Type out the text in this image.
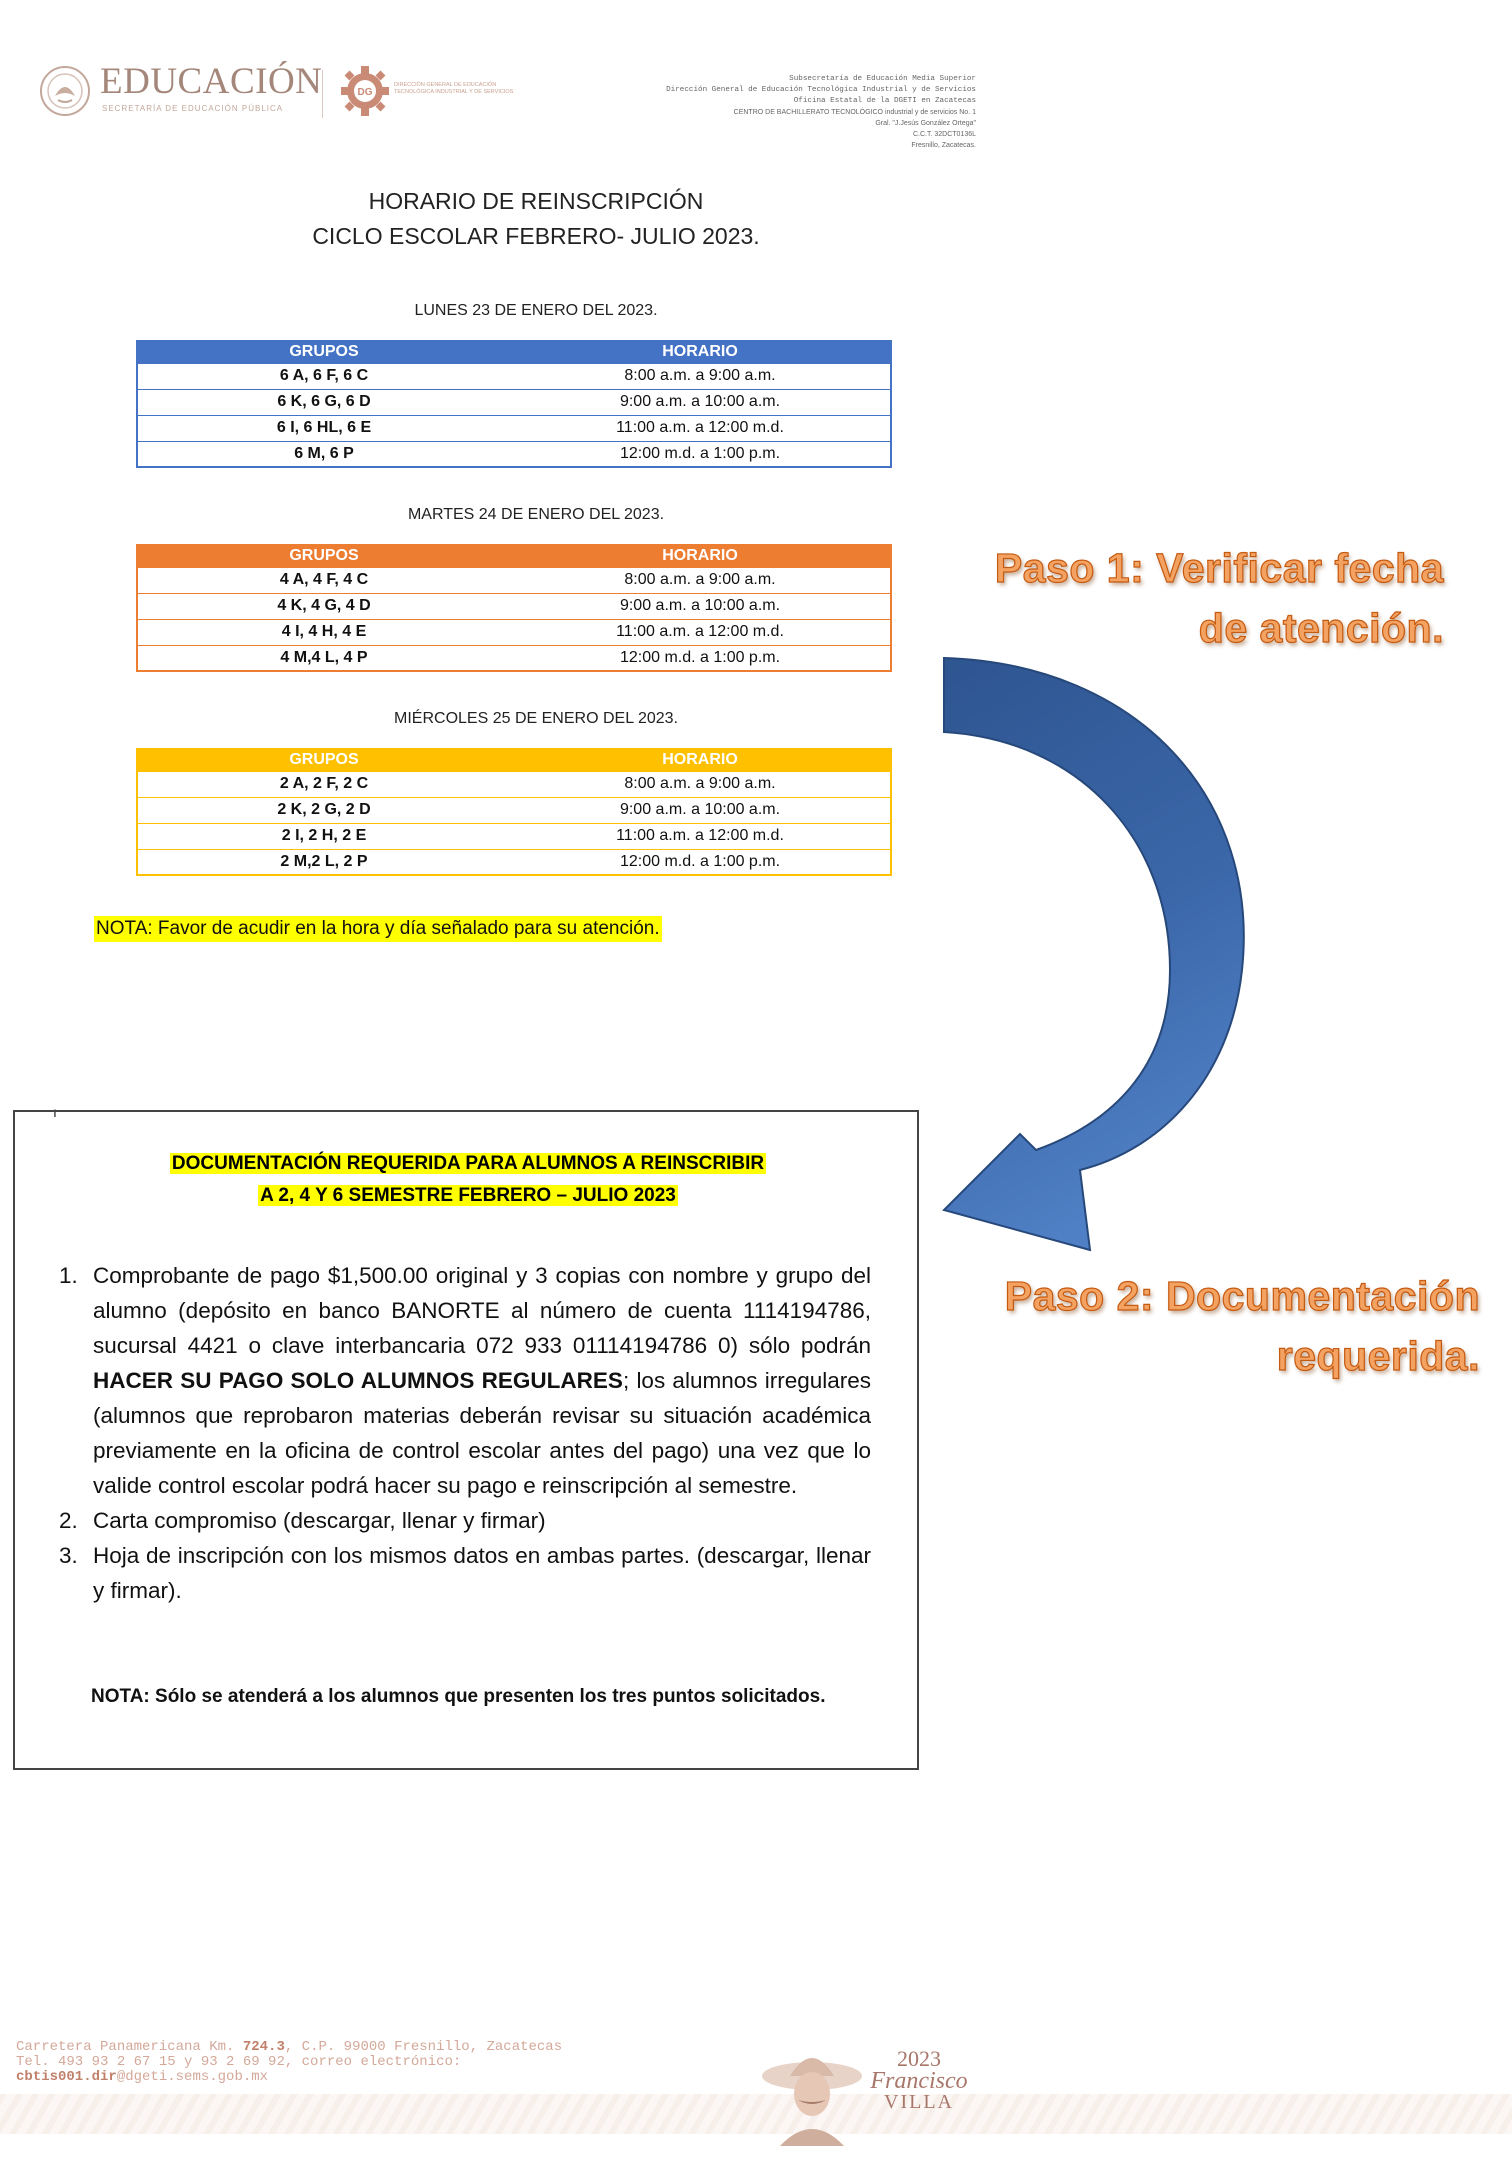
EDUCACIÓN
SECRETARÍA DE EDUCACIÓN PÚBLICA
DG
DIRECCIÓN GENERAL DE EDUCACIÓN TECNOLÓGICA INDUSTRIAL Y DE SERVICIOS
Subsecretaría de Educación Media Superior
Dirección General de Educación Tecnológica Industrial y de Servicios
Oficina Estatal de la DGETI en Zacatecas
CENTRO DE BACHILLERATO TECNOLÓGICO industrial y de servicios No. 1
Gral. "J.Jesús González Ortega"
C.C.T. 32DCT0136L
Fresnillo, Zacatecas.
HORARIO DE REINSCRIPCIÓN
CICLO ESCOLAR FEBRERO- JULIO 2023.
LUNES 23 DE ENERO DEL 2023.
GRUPOS	HORARIO
6 A, 6 F, 6 C	8:00 a.m. a 9:00 a.m.
6 K, 6 G, 6 D	9:00 a.m. a 10:00 a.m.
6 I, 6 HL, 6 E	11:00 a.m. a 12:00 m.d.
6 M, 6 P	12:00 m.d. a 1:00 p.m.
MARTES 24 DE ENERO DEL 2023.
GRUPOS	HORARIO
4 A, 4 F, 4 C	8:00 a.m. a 9:00 a.m.
4 K, 4 G, 4 D	9:00 a.m. a 10:00 a.m.
4 I, 4 H, 4 E	11:00 a.m. a 12:00 m.d.
4 M,4 L, 4 P	12:00 m.d. a 1:00 p.m.
MIÉRCOLES 25 DE ENERO DEL 2023.
GRUPOS	HORARIO
2 A, 2 F, 2 C	8:00 a.m. a 9:00 a.m.
2 K, 2 G, 2 D	9:00 a.m. a 10:00 a.m.
2 I, 2 H, 2 E	11:00 a.m. a 12:00 m.d.
2 M,2 L, 2 P	12:00 m.d. a 1:00 p.m.
NOTA: Favor de acudir en la hora y día señalado para su atención.
Paso 1: Verificar fecha
de atención.
Paso 2: Documentación
requerida.
ı
DOCUMENTACIÓN REQUERIDA PARA ALUMNOS A REINSCRIBIR
A 2, 4 Y 6 SEMESTRE FEBRERO – JULIO 2023
1. Comprobante de pago $1,500.00 original y 3 copias con nombre y grupo del alumno (depósito en banco BANORTE al número de cuenta 1114194786, sucursal 4421 o clave interbancaria 072 933 01114194786 0) sólo podrán HACER SU PAGO SOLO ALUMNOS REGULARES; los alumnos irregulares (alumnos que reprobaron materias deberán revisar su situación académica previamente en la oficina de control escolar antes del pago) una vez que lo valide control escolar podrá hacer su pago e reinscripción al semestre.
2. Carta compromiso (descargar, llenar y firmar)
3. Hoja de inscripción con los mismos datos en ambas partes. (descargar, llenar y firmar).
NOTA: Sólo se atenderá a los alumnos que presenten los tres puntos solicitados.
Carretera Panamericana Km. 724.3, C.P. 99000 Fresnillo, Zacatecas
Tel. 493 93 2 67 15 y 93 2 69 92, correo electrónico:
cbtis001.dir@dgeti.sems.gob.mx
2023
Francisco
VILLA
